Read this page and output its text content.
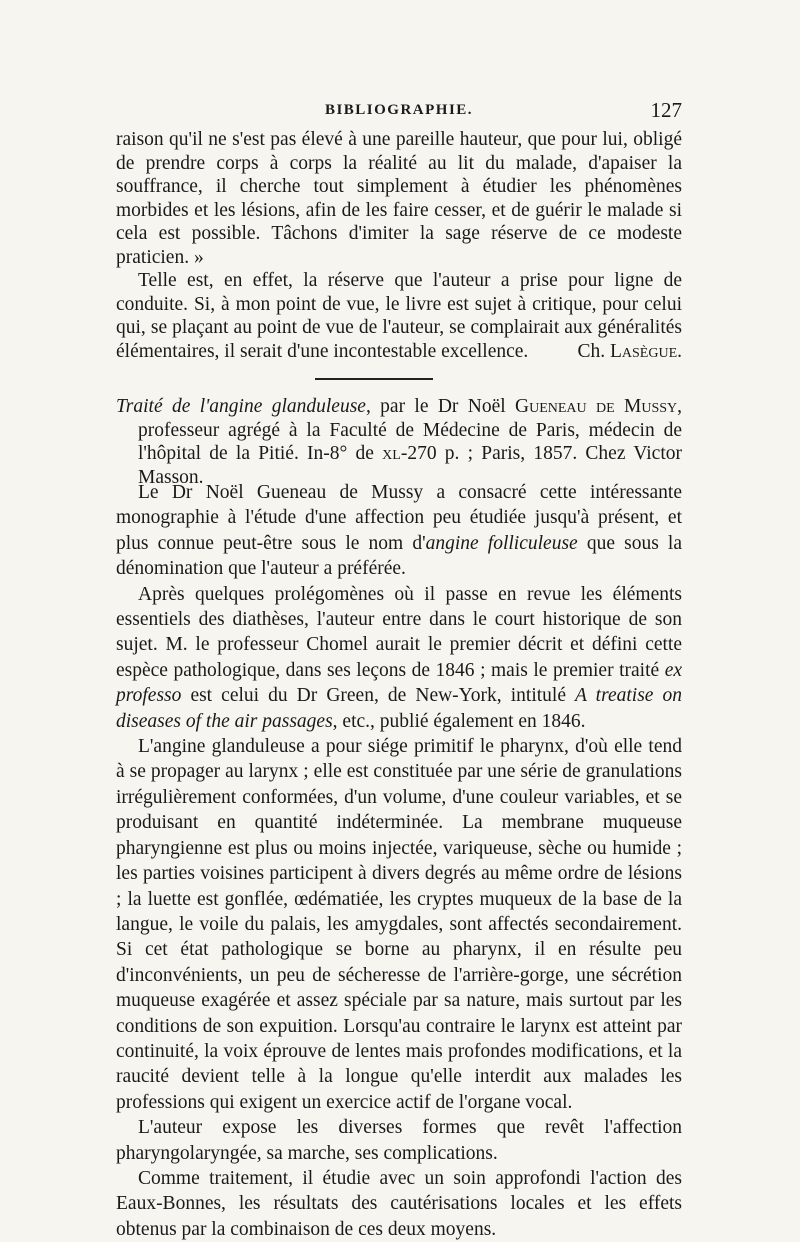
BIBLIOGRAPHIE.	127

raison qu'il ne s'est pas élevé à une pareille hauteur, que pour lui, obligé de prendre corps à corps la réalité au lit du malade, d'apaiser la souffrance, il cherche tout simplement à étudier les phénomènes morbides et les lésions, afin de les faire cesser, et de guérir le malade si cela est possible. Tâchons d'imiter la sage réserve de ce modeste praticien. »

Telle est, en effet, la réserve que l'auteur a prise pour ligne de conduite. Si, à mon point de vue, le livre est sujet à critique, pour celui qui, se plaçant au point de vue de l'auteur, se complairait aux généralités élémentaires, il serait d'une incontestable excellence.	Ch. Lasègue.

Traité de l'angine glanduleuse, par le Dr Noël Gueneau de Mussy, professeur agrégé à la Faculté de Médecine de Paris, médecin de l'hôpital de la Pitié. In-8° de xl-270 p. ; Paris, 1857. Chez Victor Masson.

Le Dr Noël Gueneau de Mussy a consacré cette intéressante monographie à l'étude d'une affection peu étudiée jusqu'à présent, et plus connue peut-être sous le nom d'angine folliculeuse que sous la dénomination que l'auteur a préférée.

Après quelques prolégomènes où il passe en revue les éléments essentiels des diathèses, l'auteur entre dans le court historique de son sujet. M. le professeur Chomel aurait le premier décrit et défini cette espèce pathologique, dans ses leçons de 1846 ; mais le premier traité ex professo est celui du Dr Green, de New-York, intitulé A treatise on diseases of the air passages, etc., publié également en 1846.

L'angine glanduleuse a pour siége primitif le pharynx, d'où elle tend à se propager au larynx ; elle est constituée par une série de granulations irrégulièrement conformées, d'un volume, d'une couleur variables, et se produisant en quantité indéterminée. La membrane muqueuse pharyngienne est plus ou moins injectée, variqueuse, sèche ou humide ; les parties voisines participent à divers degrés au même ordre de lésions ; la luette est gonflée, œdématiée, les cryptes muqueux de la base de la langue, le voile du palais, les amygdales, sont affectés secondairement. Si cet état pathologique se borne au pharynx, il en résulte peu d'inconvénients, un peu de sécheresse de l'arrière-gorge, une sécrétion muqueuse exagérée et assez spéciale par sa nature, mais surtout par les conditions de son expuition. Lorsqu'au contraire le larynx est atteint par continuité, la voix éprouve de lentes mais profondes modifications, et la raucité devient telle à la longue qu'elle interdit aux malades les professions qui exigent un exercice actif de l'organe vocal.

L'auteur expose les diverses formes que revêt l'affection pharyngolaryngée, sa marche, ses complications.

Comme traitement, il étudie avec un soin approfondi l'action des Eaux-Bonnes, les résultats des cautérisations locales et les effets obtenus par la combinaison de ces deux moyens.
